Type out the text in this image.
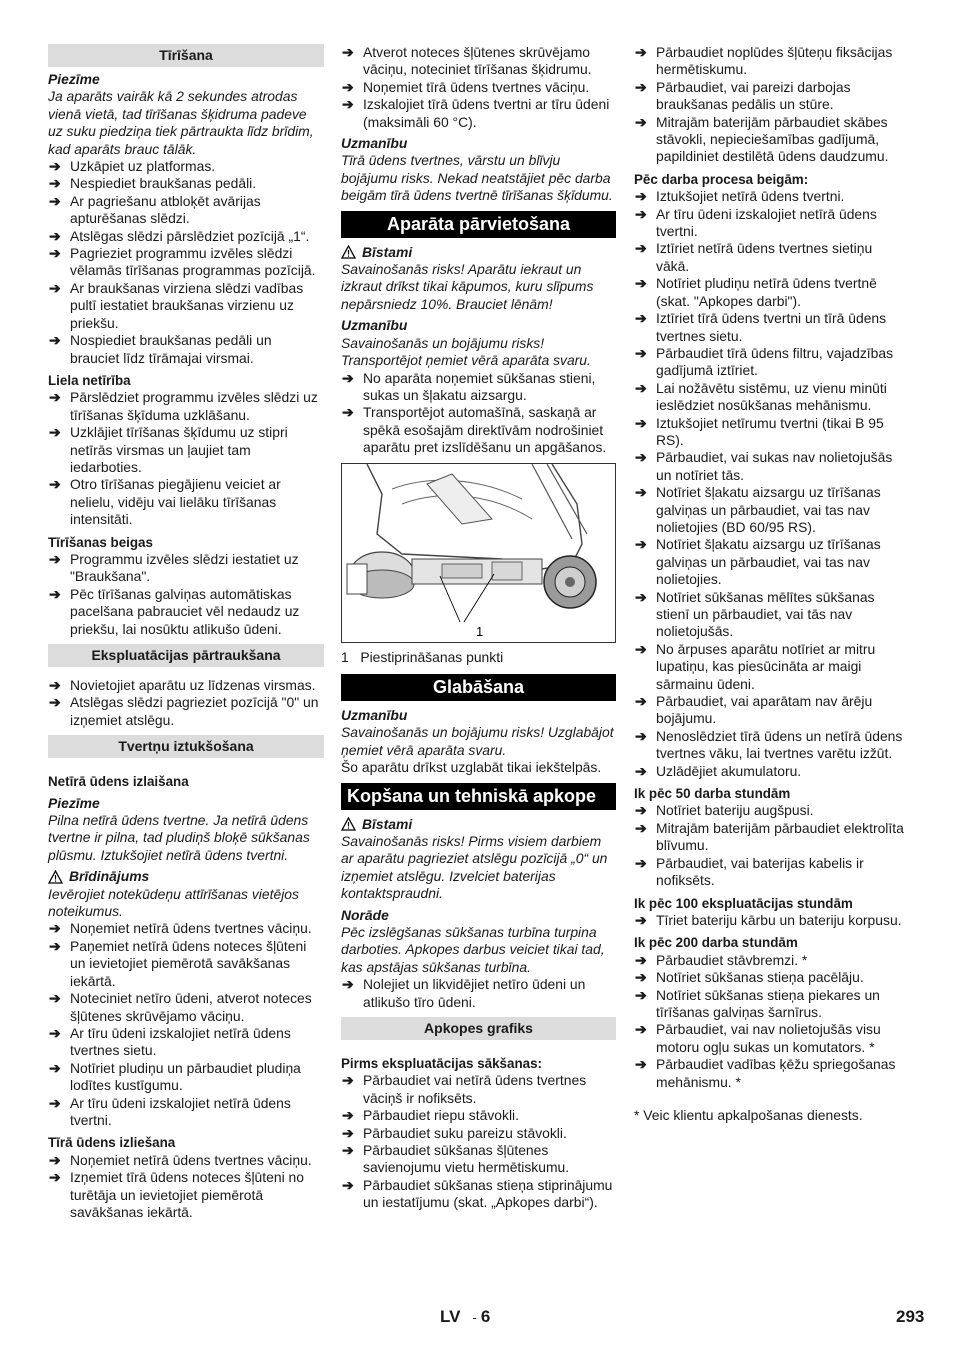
Tīrīšana
Piezīme
Ja aparāts vairāk kā 2 sekundes atrodas vienā vietā, tad tīrīšanas šķidruma padeve uz suku piedziņa tiek pārtraukta līdz brīdim, kad aparāts brauc tālāk.
➔ Uzkāpiet uz platformas.
➔ Nespiediet braukšanas pedāli.
➔ Ar pagriešanu atbloķēt avārijas apturēšanas slēdzi.
➔ Atslēgas slēdzi pārslēdziet pozīcijā „1“.
➔ Pagrieziet programmu izvēles slēdzi vēlamās tīrīšanas programmas pozīcijā.
➔ Ar braukšanas virziena slēdzi vadības pultī iestatiet braukšanas virzienu uz priekšu.
➔ Nospiediet braukšanas pedāli un brauciet līdz tīrāmajai virsmai.
Liela netīrība
➔ Pārslēdziet programmu izvēles slēdzi uz tīrīšanas šķīduma uzklāšanu.
➔ Uzklājiet tīrīšanas šķīdumu uz stipri netīrās virsmas un ļaujiet tam iedarboties.
➔ Otro tīrīšanas piegājienu veiciet ar nelielu, vidēju vai lielāku tīrīšanas intensitāti.
Tīrīšanas beigas
➔ Programmu izvēles slēdzi iestatiet uz "Braukšana".
➔ Pēc tīrīšanas galviņas automātiskas pacelšana pabrauciet vēl nedaudz uz priekšu, lai nosūktu atlikušo ūdeni.
Ekspluatācijas pārtraukšana
➔ Novietojiet aparātu uz līdzenas virsmas.
➔ Atslēgas slēdzi pagrieziet pozīcijā "0" un izņemiet atslēgu.
Tvertņu iztukšošana
Netīrā ūdens izlaišana
Piezīme
Pilna netīrā ūdens tvertne. Ja netīrā ūdens tvertne ir pilna, tad pludiņš bloķē sūkšanas plūsmu. Iztukšojiet netīrā ūdens tvertni.
Brīdinājums
Ievērojiet notekūdeņu attīrīšanas vietējos noteikumus.
➔ Noņemiet netīrā ūdens tvertnes vāciņu.
➔ Paņemiet netīrā ūdens noteces šļūteni un ievietojiet piemērotā savākšanas iekārtā.
➔ Noteciniet netīro ūdeni, atverot noteces šļūtenes skrūvējamo vāciņu.
➔ Ar tīru ūdeni izskalojiet netīrā ūdens tvertnes sietu.
➔ Notīriet pludiņu un pārbaudiet pludiņa lodītes kustīgumu.
➔ Ar tīru ūdeni izskalojiet netīrā ūdens tvertni.
Tīrā ūdens izliešana
➔ Noņemiet netīrā ūdens tvertnes vāciņu.
➔ Izņemiet tīrā ūdens noteces šļūteni no turētāja un ievietojiet piemērotā savākšanas iekārtā.
➔ Atverot noteces šļūtenes skrūvējamo vāciņu, noteciniet tīrīšanas šķidrumu.
➔ Noņemiet tīrā ūdens tvertnes vāciņu.
➔ Izskalojiet tīrā ūdens tvertni ar tīru ūdeni (maksimāli 60 °C).
Uzmanību
Tīrā ūdens tvertnes, vārstu un blīvju bojājumu risks. Nekad neatstājiet pēc darba beigām tīrā ūdens tvertnē tīrīšanas šķīdumu.
Aparāta pārvietošana
Bīstami
Savainošanās risks! Aparātu iekraut un izkraut drīkst tikai kāpumos, kuru slīpums nepārsniedz 10%. Brauciet lēnām!
Uzmanību
Savainošanās un bojājumu risks! Transportējot ņemiet vērā aparāta svaru.
➔ No aparāta noņemiet sūkšanas stieni, sukas un šļakatu aizsargu.
➔ Transportējot automašīnā, saskaņā ar spēkā esošajām direktīvām nodrošiniet aparātu pret izslīdēšanu un apgāšanos.
1
1 Piestiprināšanas punkti
Glabāšana
Uzmanību
Savainošanās un bojājumu risks! Uzglabājot ņemiet vērā aparāta svaru.
Šo aparātu drīkst uzglabāt tikai iekštelpās.
Kopšana un tehniskā apkope
Bīstami
Savainošanās risks! Pirms visiem darbiem ar aparātu pagrieziet atslēgu pozīcijā „0“ un izņemiet atslēgu. Izvelciet baterijas kontaktspraudni.
Norāde
Pēc izslēgšanas sūkšanas turbīna turpina darboties. Apkopes darbus veiciet tikai tad, kas apstājas sūkšanas turbīna.
➔ Nolejiet un likvidējiet netīro ūdeni un atlikušo tīro ūdeni.
Apkopes grafiks
Pirms ekspluatācijas sākšanas:
➔ Pārbaudiet vai netīrā ūdens tvertnes vāciņš ir nofiksēts.
➔ Pārbaudiet riepu stāvokli.
➔ Pārbaudiet suku pareizu stāvokli.
➔ Pārbaudiet sūkšanas šļūtenes savienojumu vietu hermētiskumu.
➔ Pārbaudiet sūkšanas stieņa stiprinājumu un iestatījumu (skat. „Apkopes darbi“).
➔ Pārbaudiet noplūdes šļūteņu fiksācijas hermētiskumu.
➔ Pārbaudiet, vai pareizi darbojas braukšanas pedālis un stūre.
➔ Mitrajām baterijām pārbaudiet skābes stāvokli, nepieciešamības gadījumā, papildiniet destilētā ūdens daudzumu.
Pēc darba procesa beigām:
➔ Iztukšojiet netīrā ūdens tvertni.
➔ Ar tīru ūdeni izskalojiet netīrā ūdens tvertni.
➔ Iztīriet netīrā ūdens tvertnes sietiņu vākā.
➔ Notīriet pludiņu netīrā ūdens tvertnē (skat. "Apkopes darbi").
➔ Iztīriet tīrā ūdens tvertni un tīrā ūdens tvertnes sietu.
➔ Pārbaudiet tīrā ūdens filtru, vajadzības gadījumā iztīriet.
➔ Lai nožāvētu sistēmu, uz vienu minūti ieslēdziet nosūkšanas mehānismu.
➔ Iztukšojiet netīrumu tvertni (tikai B 95 RS).
➔ Pārbaudiet, vai sukas nav nolietojušās un notīriet tās.
➔ Notīriet šļakatu aizsargu uz tīrīšanas galviņas un pārbaudiet, vai tas nav nolietojies (BD 60/95 RS).
➔ Notīriet šļakatu aizsargu uz tīrīšanas galviņas un pārbaudiet, vai tas nav nolietojies.
➔ Notīriet sūkšanas mēlītes sūkšanas stienī un pārbaudiet, vai tās nav nolietojušās.
➔ No ārpuses aparātu notīriet ar mitru lupatiņu, kas piesūcināta ar maigi sārmainu ūdeni.
➔ Pārbaudiet, vai aparātam nav ārēju bojājumu.
➔ Nenoslēdziet tīrā ūdens un netīrā ūdens tvertnes vāku, lai tvertnes varētu izžūt.
➔ Uzlādējiet akumulatoru.
Ik pēc 50 darba stundām
➔ Notīriet bateriju augšpusi.
➔ Mitrajām baterijām pārbaudiet elektrolīta blīvumu.
➔ Pārbaudiet, vai baterijas kabelis ir nofiksēts.
Ik pēc 100 ekspluatācijas stundām
➔ Tīriet bateriju kārbu un bateriju korpusu.
Ik pēc 200 darba stundām
➔ Pārbaudiet stāvbremzi. *
➔ Notīriet sūkšanas stieņa pacēlāju.
➔ Notīriet sūkšanas stieņa piekares un tīrīšanas galviņas šarnīrus.
➔ Pārbaudiet, vai nav nolietojušās visu motoru ogļu sukas un komutators. *
➔ Pārbaudiet vadības ķēžu spriegošanas mehānismu. *
* Veic klientu apkalpošanas dienests.
LV - 6	293
